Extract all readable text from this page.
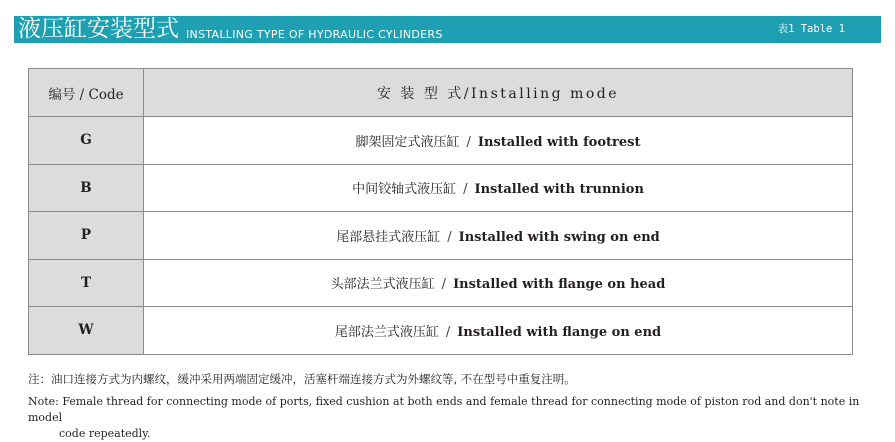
液压缸安装型式 INSTALLING TYPE OF HYDRAULIC CYLINDERS	表1 Table 1
编号 / Code	安 装 型 式/Installing mode
G	脚架固定式液压缸 / Installed with footrest
B	中间铰轴式液压缸 / Installed with trunnion
P	尾部悬挂式液压缸 / Installed with swing on end
T	头部法兰式液压缸 / Installed with flange on head
W	尾部法兰式液压缸 / Installed with flange on end
注：油口连接方式为内螺纹，缓冲采用两端固定缓冲，活塞杆端连接方式为外螺纹等, 不在型号中重复注明。
Note: Female thread for connecting mode of ports, fixed cushion at both ends and female thread for connecting mode of piston rod and don't note in model
code repeatedly.
